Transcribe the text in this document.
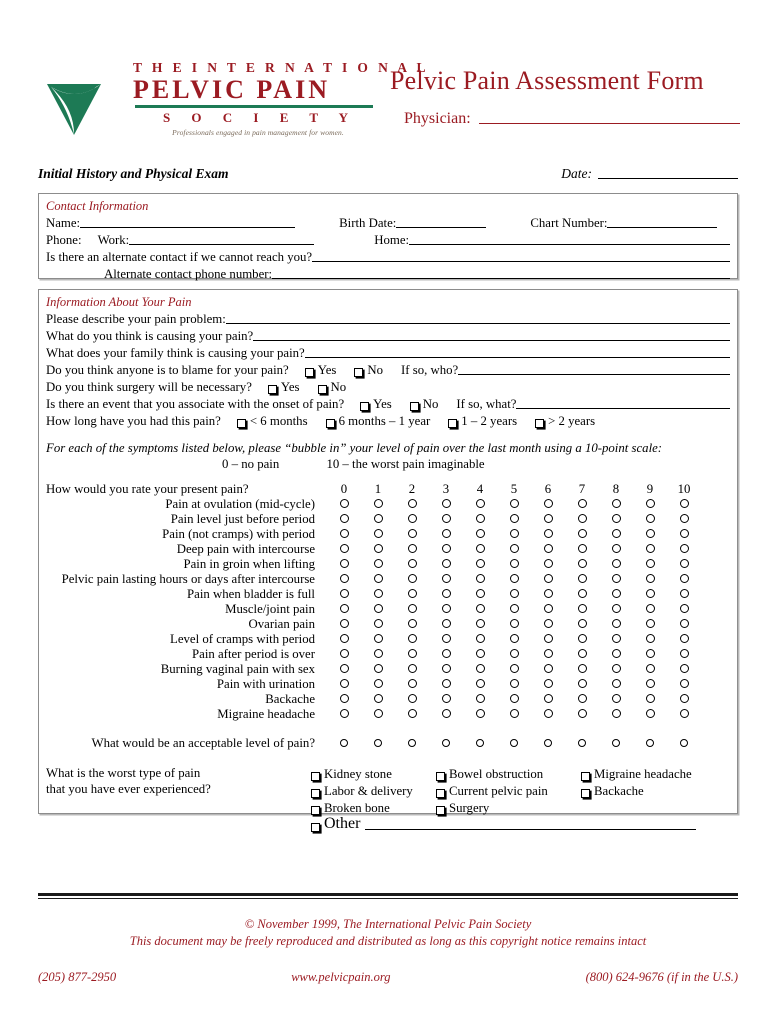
T H E I N T E R N A T I O N A L
PELVIC PAIN
S O C I E T Y
Professionals engaged in pain management for women.
Pelvic Pain Assessment Form
Physician:
Initial History and Physical Exam	Date:
Contact Information
Name:	Birth Date:	Chart Number:
Phone: Work:	Home:
Is there an alternate contact if we cannot reach you?
Alternate contact phone number:
Information About Your Pain
Please describe your pain problem:
What do you think is causing your pain?
What does your family think is causing your pain?
Do you think anyone is to blame for your pain? Yes No If so, who?
Do you think surgery will be necessary? Yes No
Is there an event that you associate with the onset of pain? Yes No If so, what?
How long have you had this pain? < 6 months 6 months – 1 year 1 – 2 years > 2 years
For each of the symptoms listed below, please “bubble in” your level of pain over the last month using a 10-point scale:
0 – no pain	10 – the worst pain imaginable
How would you rate your present pain?	0	1	2	3	4	5	6	7	8	9	10
Pain at ovulation (mid-cycle)
Pain level just before period
Pain (not cramps) with period
Deep pain with intercourse
Pain in groin when lifting
Pelvic pain lasting hours or days after intercourse
Pain when bladder is full
Muscle/joint pain
Ovarian pain
Level of cramps with period
Pain after period is over
Burning vaginal pain with sex
Pain with urination
Backache
Migraine headache
What would be an acceptable level of pain?
What is the worst type of pain
that you have ever experienced?
Kidney stone
Labor & delivery
Broken bone
Bowel obstruction
Current pelvic pain
Surgery
Migraine headache
Backache
Other
© November 1999, The International Pelvic Pain Society
This document may be freely reproduced and distributed as long as this copyright notice remains intact
(205) 877-2950	www.pelvicpain.org	(800) 624-9676 (if in the U.S.)
